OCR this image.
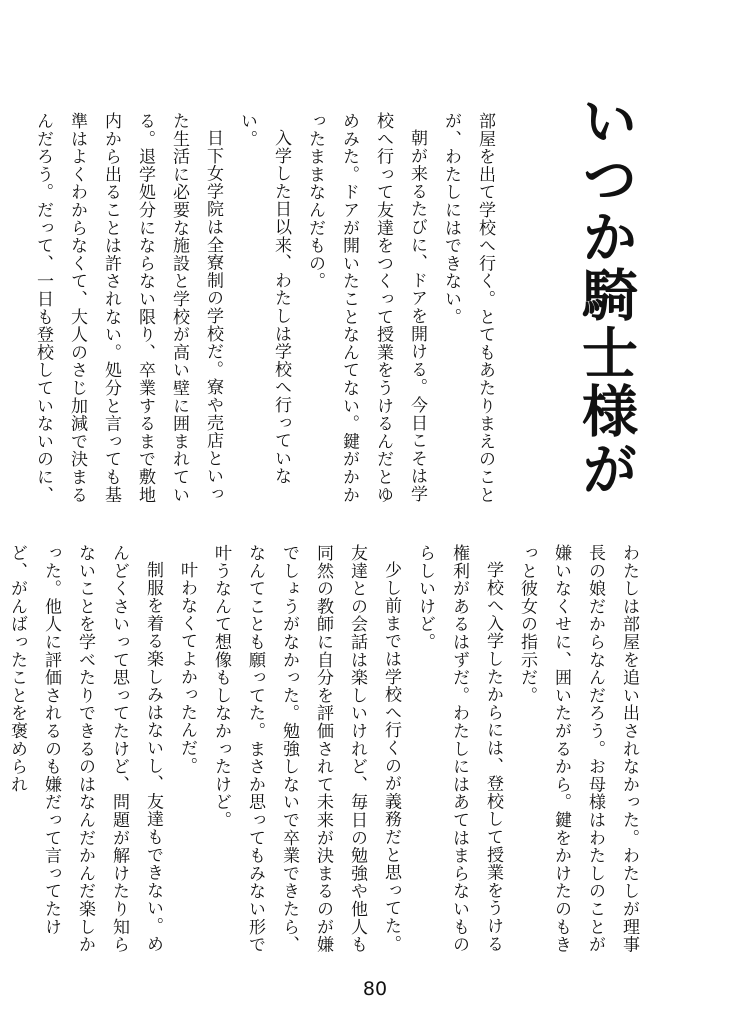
いつか騎士様が

部屋を出て学校へ行く。とてもあたりまえのことが、わたしにはできない。

朝が来るたびに、ドアを開ける。今日こそは学校へ行って友達をつくって授業をうけるんだとゆめみた。ドアが開いたことなんてない。鍵がかかったままなんだもの。

入学した日以来、わたしは学校へ行っていない。

日下女学院は全寮制の学校だ。寮や売店といった生活に必要な施設と学校が高い壁に囲まれている。退学処分にならない限り、卒業するまで敷地内から出ることは許されない。処分と言っても基準はよくわからなくて、大人のさじ加減で決まるんだろう。だって、一日も登校していないのに、

わたしは部屋を追い出されなかった。わたしが理事長の娘だからなんだろう。お母様はわたしのことが嫌いなくせに、囲いたがるから。鍵をかけたのもきっと彼女の指示だ。

学校へ入学したからには、登校して授業をうける権利があるはずだ。わたしにはあてはまらないものらしいけど。

少し前までは学校へ行くのが義務だと思ってた。友達との会話は楽しいけれど、毎日の勉強や他人も同然の教師に自分を評価されて未来が決まるのが嫌でしょうがなかった。勉強しないで卒業できたら、なんてことも願ってた。まさか思ってもみない形で叶うなんて想像もしなかったけど。

叶わなくてよかったんだ。

制服を着る楽しみはないし、友達もできない。めんどくさいって思ってたけど、問題が解けたり知らないことを学べたりできるのはなんだかんだ楽しかった。他人に評価されるのも嫌だって言ってたけど、がんばったことを褒められ

80
